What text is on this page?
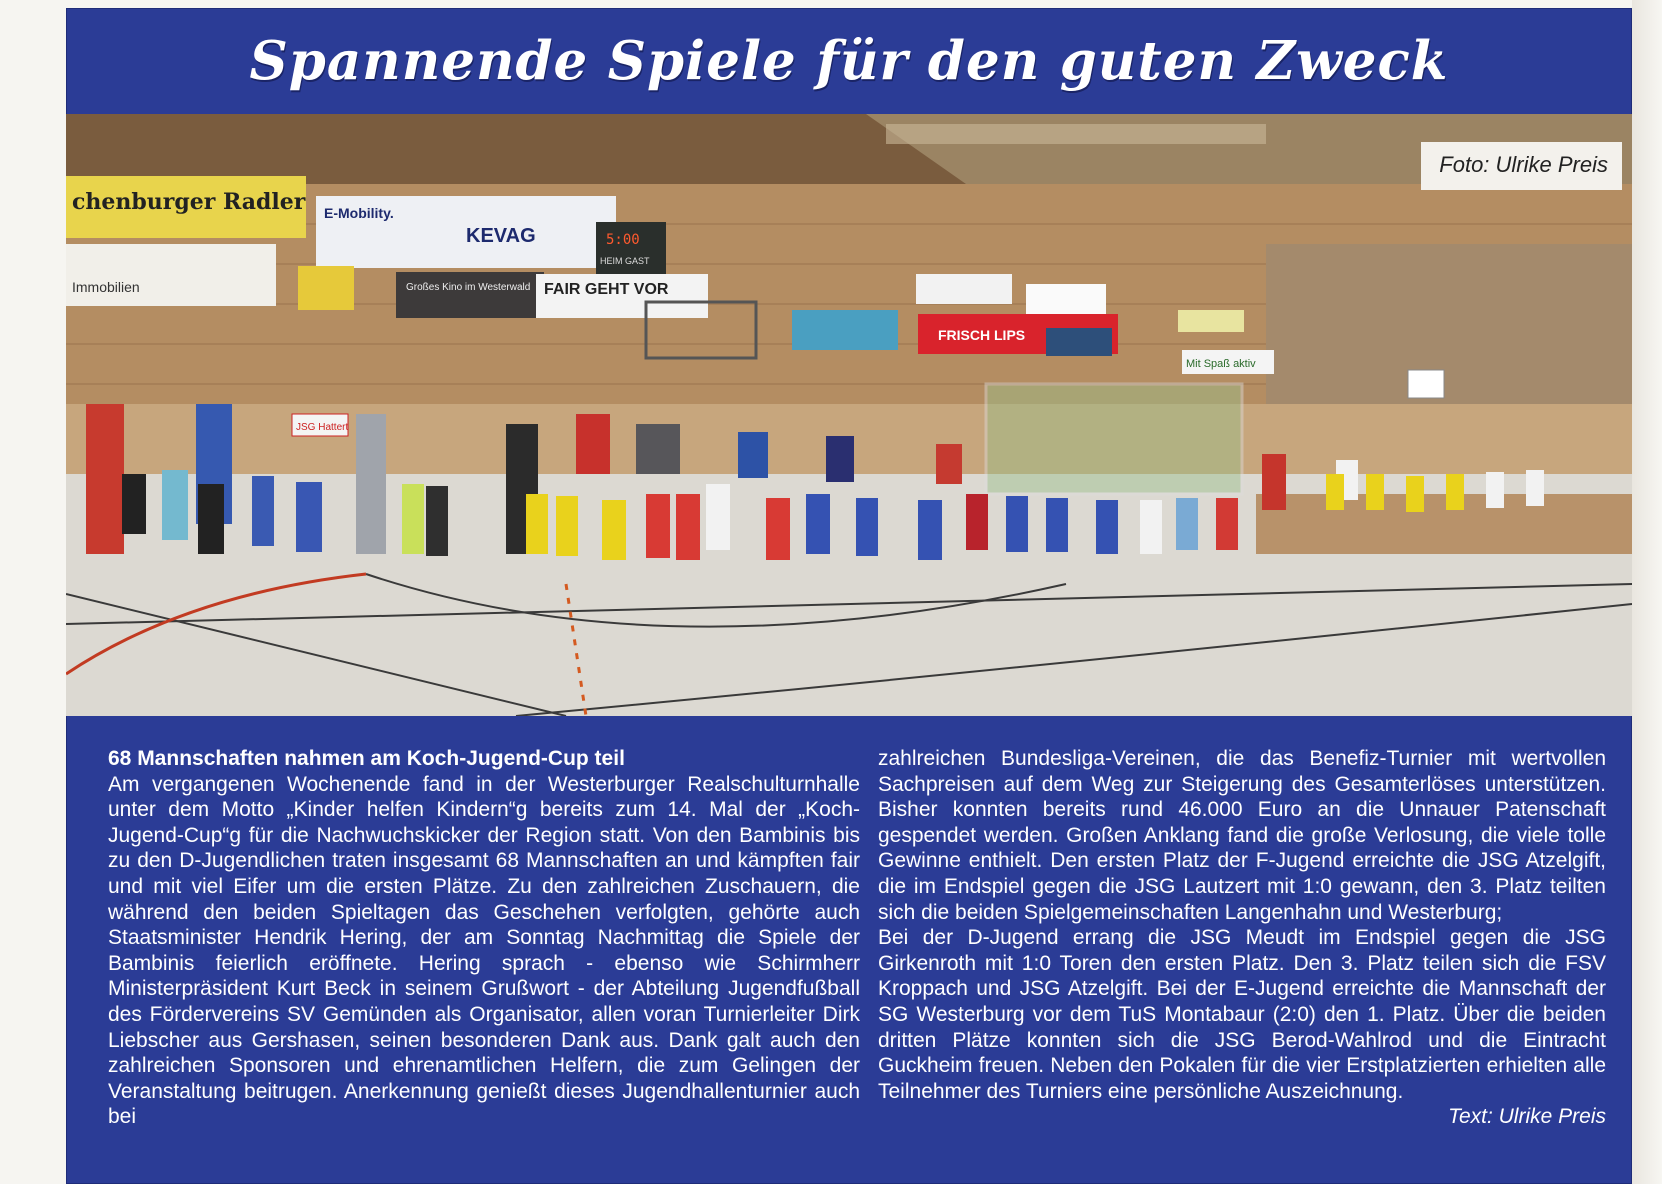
Spannende Spiele für den guten Zweck
chenburger Radler E-Mobility.
KEVAG
Immobilien	Großes Kino im Westerwald
5:00
HEIM GAST
FAIR GEHT VOR
FRISCH LIPS
Mit Spaß aktiv
JSG Hattert
Foto: Ulrike Preis

68 Mannschaften nahmen am Koch-Jugend-Cup teil

Am vergangenen Wochenende fand in der Westerburger Realschulturnhalle unter dem Motto „Kinder helfen Kindern“g bereits zum 14. Mal der „Koch-Jugend-Cup“g für die Nachwuchskicker der Region statt. Von den Bambinis bis zu den D-Jugendlichen traten insgesamt 68 Mannschaften an und kämpften fair und mit viel Eifer um die ersten Plätze. Zu den zahlreichen Zuschauern, die während den beiden Spieltagen das Geschehen verfolgten, gehörte auch Staatsminister Hendrik Hering, der am Sonntag Nachmittag die Spiele der Bambinis feierlich eröffnete. Hering sprach - ebenso wie Schirmherr Ministerpräsident Kurt Beck in seinem Grußwort - der Abteilung Jugendfußball des Fördervereins SV Gemünden als Organisator, allen voran Turnierleiter Dirk Liebscher aus Gershasen, seinen besonderen Dank aus. Dank galt auch den zahlreichen Sponsoren und ehrenamtlichen Helfern, die zum Gelingen der Veranstaltung beitrugen. Anerkennung genießt dieses Jugendhallenturnier auch bei

zahlreichen Bundesliga-Vereinen, die das Benefiz-Turnier mit wertvollen Sachpreisen auf dem Weg zur Steigerung des Gesamterlöses unterstützen. Bisher konnten bereits rund 46.000 Euro an die Unnauer Patenschaft gespendet werden. Großen Anklang fand die große Verlosung, die viele tolle Gewinne enthielt. Den ersten Platz der F-Jugend erreichte die JSG Atzelgift, die im Endspiel gegen die JSG Lautzert mit 1:0 gewann, den 3. Platz teilten sich die beiden Spielgemeinschaften Langenhahn und Westerburg;

Bei der D-Jugend errang die JSG Meudt im Endspiel gegen die JSG Girkenroth mit 1:0 Toren den ersten Platz. Den 3. Platz teilen sich die FSV Kroppach und JSG Atzelgift. Bei der E-Jugend erreichte die Mannschaft der SG Westerburg vor dem TuS Montabaur (2:0) den 1. Platz. Über die beiden dritten Plätze konnten sich die JSG Berod-Wahlrod und die Eintracht Guckheim freuen. Neben den Pokalen für die vier Erstplatzierten erhielten alle Teilnehmer des Turniers eine persönliche Auszeichnung.

Text: Ulrike Preis
